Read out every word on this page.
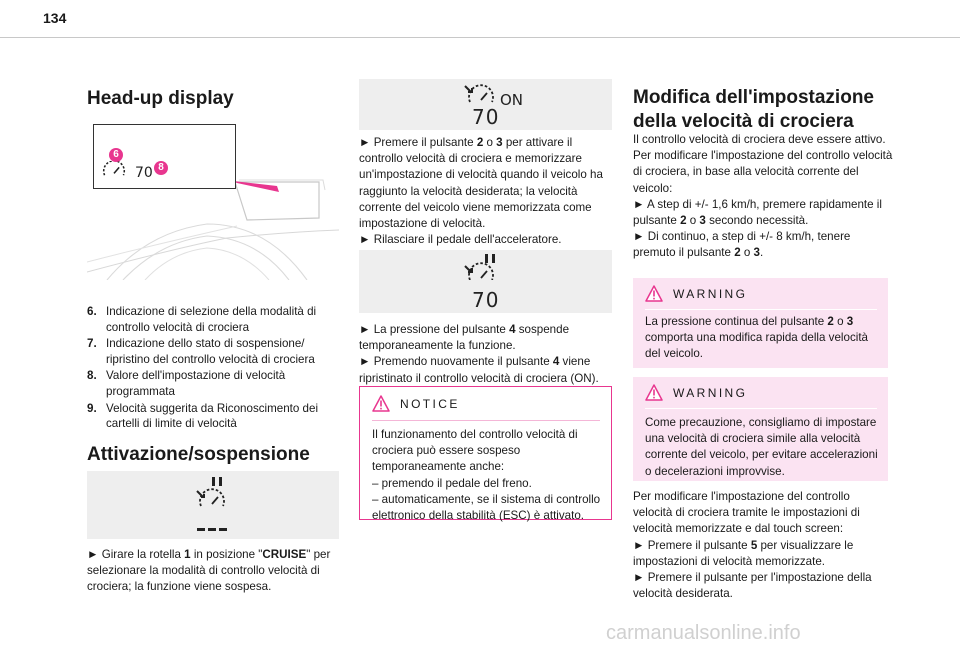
134
Head-up display
70
6
8
6. Indicazione di selezione della modalità di controllo velocità di crociera
7. Indicazione dello stato di sospensione/ ripristino del controllo velocità di crociera
8. Valore dell'impostazione di velocità programmata
9. Velocità suggerita da Riconoscimento dei cartelli di limite di velocità
Attivazione/sospensione
► Girare la rotella 1 in posizione "CRUISE" per selezionare la modalità di controllo velocità di crociera; la funzione viene sospesa.
ON
70
► Premere il pulsante 2 o 3 per attivare il controllo velocità di crociera e memorizzare un'impostazione di velocità quando il veicolo ha raggiunto la velocità desiderata; la velocità corrente del veicolo viene memorizzata come impostazione di velocità.
► Rilasciare il pedale dell'acceleratore.
70
► La pressione del pulsante 4 sospende temporaneamente la funzione.
► Premendo nuovamente il pulsante 4 viene ripristinato il controllo velocità di crociera (ON).
NOTICE
Il funzionamento del controllo velocità di crociera può essere sospeso temporaneamente anche:
– premendo il pedale del freno.
– automaticamente, se il sistema di controllo elettronico della stabilità (ESC) è attivato.
Modifica dell'impostazione della velocità di crociera
Il controllo velocità di crociera deve essere attivo.
Per modificare l'impostazione del controllo velocità di crociera, in base alla velocità corrente del veicolo:
► A step di +/- 1,6 km/h, premere rapidamente il pulsante 2 o 3 secondo necessità.
► Di continuo, a step di +/- 8 km/h, tenere premuto il pulsante 2 o 3.
WARNING
La pressione continua del pulsante 2 o 3 comporta una modifica rapida della velocità del veicolo.
WARNING
Come precauzione, consigliamo di impostare una velocità di crociera simile alla velocità corrente del veicolo, per evitare accelerazioni o decelerazioni improvvise.
Per modificare l'impostazione del controllo velocità di crociera tramite le impostazioni di velocità memorizzate e dal touch screen:
► Premere il pulsante 5 per visualizzare le impostazioni di velocità memorizzate.
► Premere il pulsante per l'impostazione della velocità desiderata.
carmanualsonline.info
